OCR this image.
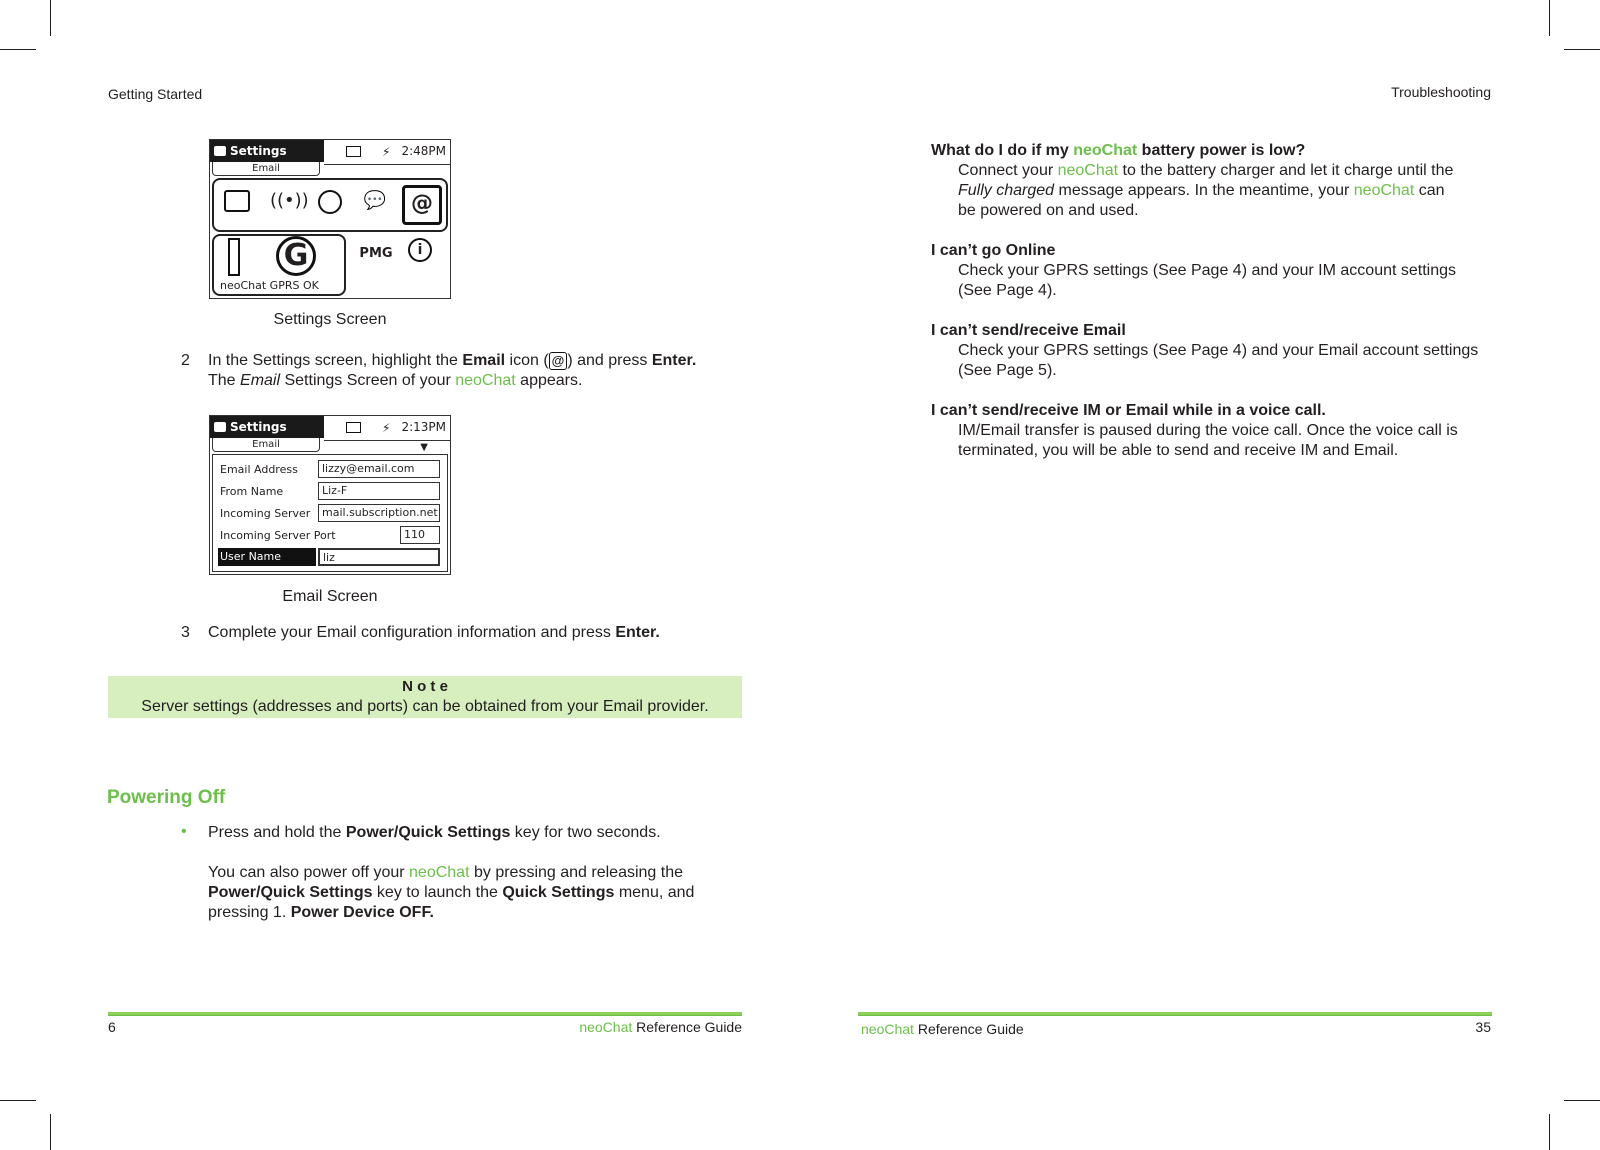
Getting Started
Settings
Email
⚡ 2:48PM
((•))	💬	@
G
neoChat GPRS OK
PMG	i
Settings Screen
2 In the Settings screen, highlight the Email icon ( @ ) and press Enter.
The Email Settings Screen of your neoChat appears.
Settings
Email
⚡ 2:13PM
▼
Email Address	lizzy@email.com
From Name	Liz-F
Incoming Server	mail.subscription.net
Incoming Server Port	110
User Name	liz
Email Screen
3 Complete your Email configuration information and press Enter.
N o t e
Server settings (addresses and ports) can be obtained from your Email provider.
Powering Off
• Press and hold the Power/Quick Settings key for two seconds.
You can also power off your neoChat by pressing and releasing the
Power/Quick Settings key to launch the Quick Settings menu, and
pressing 1. Power Device OFF.
6	neoChat Reference Guide
Troubleshooting
What do I do if my neoChat battery power is low?
Connect your neoChat to the battery charger and let it charge until the
Fully charged message appears. In the meantime, your neoChat can
be powered on and used.
I can’t go Online
Check your GPRS settings (See Page 4) and your IM account settings
(See Page 4).
I can’t send/receive Email
Check your GPRS settings (See Page 4) and your Email account settings
(See Page 5).
I can’t send/receive IM or Email while in a voice call.
IM/Email transfer is paused during the voice call. Once the voice call is
terminated, you will be able to send and receive IM and Email.
neoChat Reference Guide	35
